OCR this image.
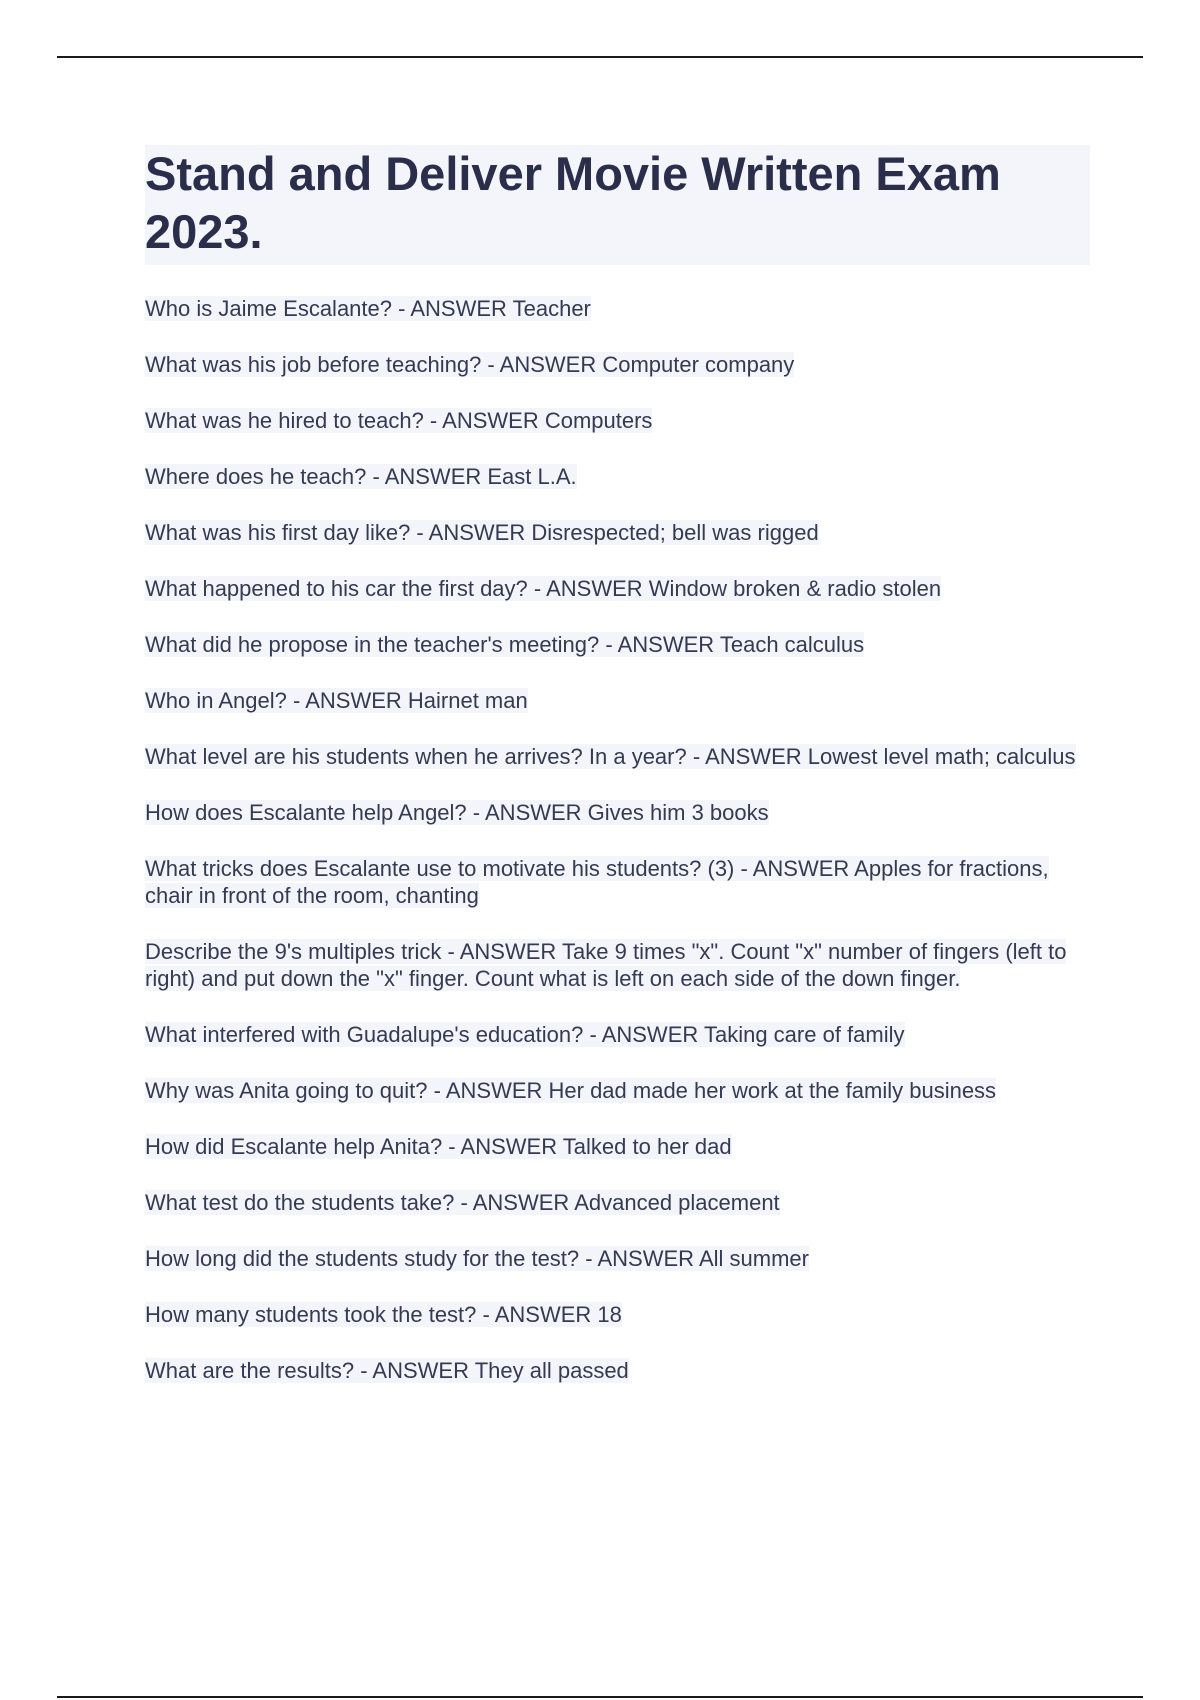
Stand and Deliver Movie Written Exam 2023.
Who is Jaime Escalante? - ANSWER Teacher
What was his job before teaching? - ANSWER Computer company
What was he hired to teach? - ANSWER Computers
Where does he teach? - ANSWER East L.A.
What was his first day like? - ANSWER Disrespected; bell was rigged
What happened to his car the first day? - ANSWER Window broken & radio stolen
What did he propose in the teacher's meeting? - ANSWER Teach calculus
Who in Angel? - ANSWER Hairnet man
What level are his students when he arrives? In a year? - ANSWER Lowest level math; calculus
How does Escalante help Angel? - ANSWER Gives him 3 books
What tricks does Escalante use to motivate his students? (3) - ANSWER Apples for fractions, chair in front of the room, chanting
Describe the 9's multiples trick - ANSWER Take 9 times "x". Count "x" number of fingers (left to right) and put down the "x" finger. Count what is left on each side of the down finger.
What interfered with Guadalupe's education? - ANSWER Taking care of family
Why was Anita going to quit? - ANSWER Her dad made her work at the family business
How did Escalante help Anita? - ANSWER Talked to her dad
What test do the students take? - ANSWER Advanced placement
How long did the students study for the test? - ANSWER All summer
How many students took the test? - ANSWER 18
What are the results? - ANSWER They all passed
